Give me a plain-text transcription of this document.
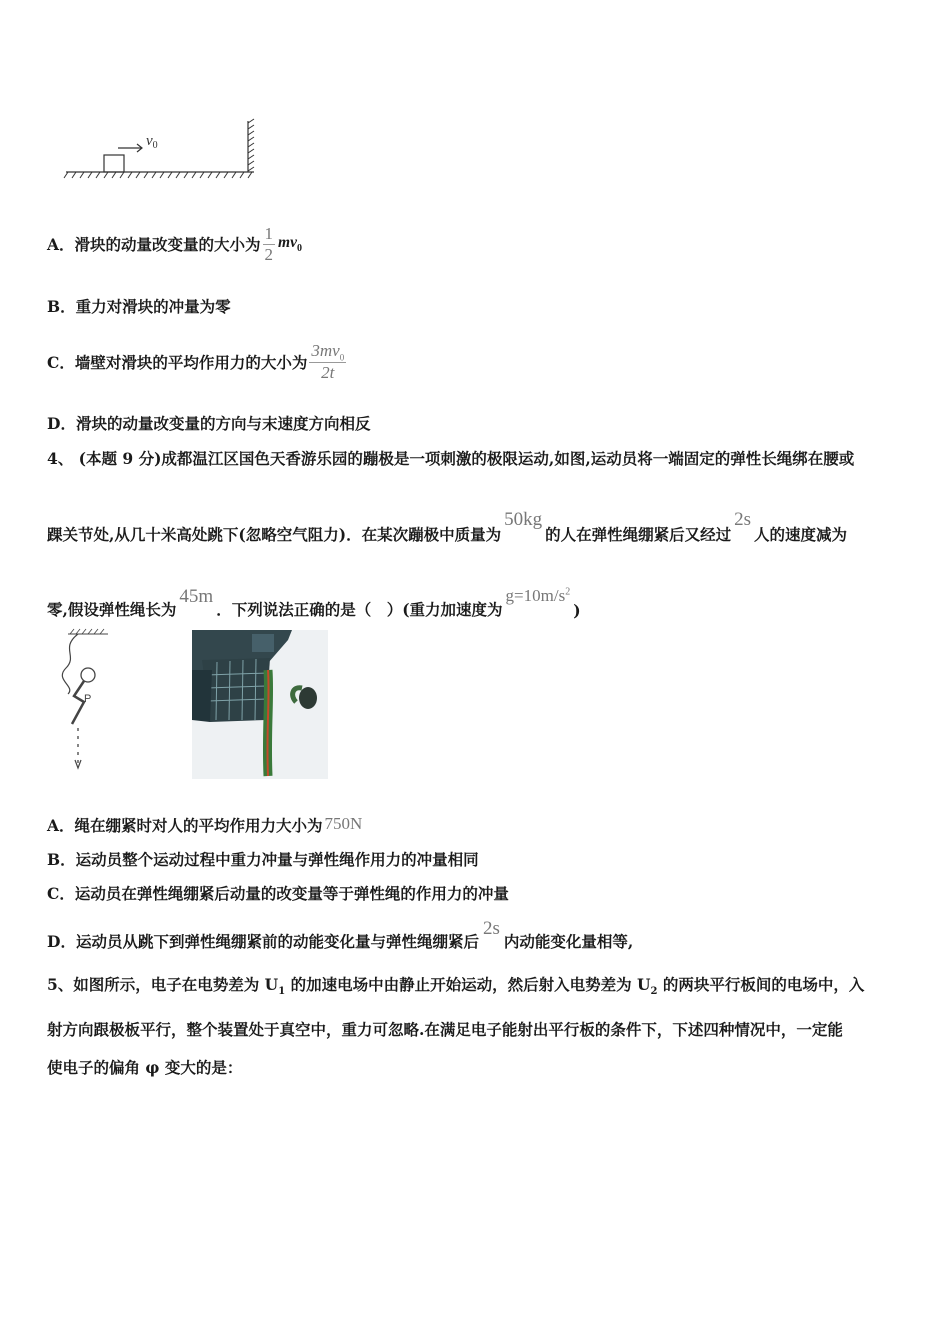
$v_0$
A． 滑块的动量改变量的大小为 $\frac{1}{2} mv_0$
B．重力对滑块的冲量为零
C． 墙壁对滑块的平均作用力的大小为 $\frac{3mv_0}{2t}$
D．滑块的动量改变量的方向与末速度方向相反
4、 (本题 9 分)成都温江区国色天香游乐园的蹦极是一项刺激的极限运动,如图,运动员将一端固定的弹性长绳绑在腰或
踝关节处,从几十米高处跳下(忽略空气阻力)．在某次蹦极中质量为
50kg
的人在弹性绳绷紧后又经过
2s
人的速度减为
零,假设弹性绳长为
45m
．下列说法正确的是（　）(重力加速度为
$g=10m/s^2$
)
P
A．绳在绷紧时对人的平均作用力大小为 750N
B．运动员整个运动过程中重力冲量与弹性绳作用力的冲量相同
C．运动员在弹性绳绷紧后动量的改变量等于弹性绳的作用力的冲量
D． 运动员从跳下到弹性绳绷紧前的动能变化量与弹性绳绷紧后
2s
内动能变化量相等,
5、如图所示，电子在电势差为 $U_1$ 的加速电场中由静止开始运动，然后射入电势差为 $U_2$ 的两块平行板间的电场中，入
射方向跟极板平行，整个装置处于真空中，重力可忽略.在满足电子能射出平行板的条件下，下述四种情况中，一定能
使电子的偏角 φ 变大的是：
